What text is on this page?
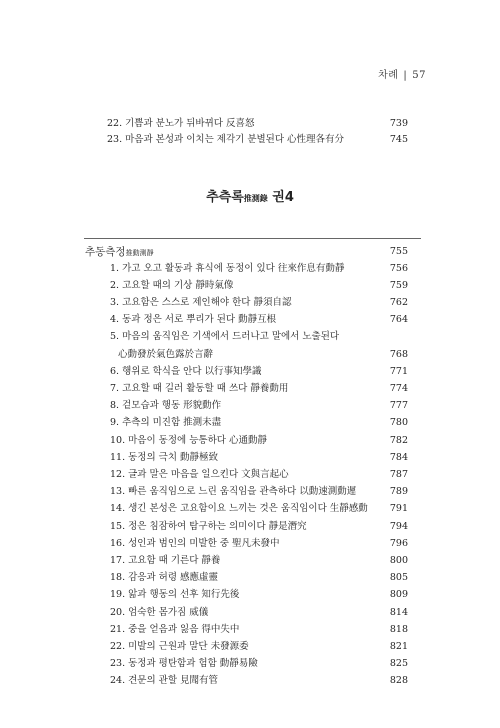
차례 | 57
22. 기쁨과 분노가 뒤바뀌다 反喜怒	739
23. 마음과 본성과 이치는 제각기 분별된다 心性理各有分	745
추측록推測錄 권4
추동측정推動測靜	755
1. 가고 오고 활동과 휴식에 동정이 있다 往來作息有動靜	756
2. 고요할 때의 기상 靜時氣像	759
3. 고요함은 스스로 제인해야 한다 靜須自認	762
4. 동과 정은 서로 뿌리가 된다 動靜互根	764
5. 마음의 움직임은 기색에서 드러나고 말에서 노출된다
心動發於氣色露於言辭	768
6. 행위로 학식을 안다 以行事知學識	771
7. 고요할 때 길러 활동할 때 쓰다 靜養動用	774
8. 겉모습과 행동 形貌動作	777
9. 추측의 미진함 推測未盡	780
10. 마음이 동정에 능통하다 心通動靜	782
11. 동정의 극치 動靜極致	784
12. 글과 말은 마음을 일으킨다 文與言起心	787
13. 빠른 움직임으로 느린 움직임을 관측하다 以動速測動遲	789
14. 생긴 본성은 고요함이요 느끼는 것은 움직임이다 生靜感動 791
15. 정은 침잠하여 탐구하는 의미이다 靜是潛究	794
16. 성인과 범인의 미발한 중 聖凡未發中	796
17. 고요함 때 기른다 靜養	800
18. 감응과 허령 感應虛靈	805
19. 앎과 행동의 선후 知行先後	809
20. 엄숙한 몸가짐 威儀	814
21. 중을 얻음과 잃음 得中失中	818
22. 미발의 근원과 말단 未發源委	821
23. 동정과 평탄함과 험함 動靜易險	825
24. 견문의 관할 見聞有管	828
